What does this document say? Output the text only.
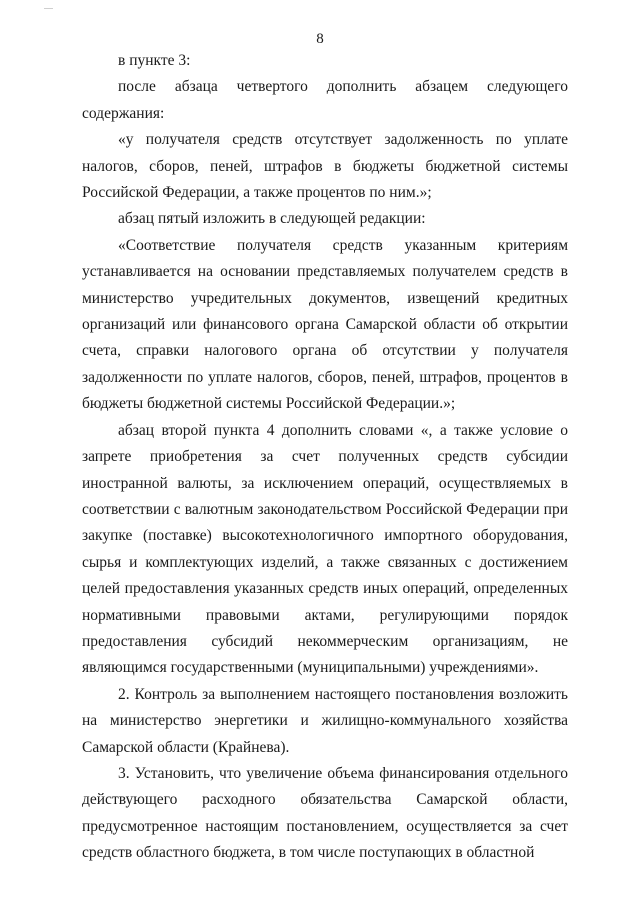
8

в пункте 3:

после абзаца четвертого дополнить абзацем следующего содержания:

«у получателя средств отсутствует задолженность по уплате налогов, сборов, пеней, штрафов в бюджеты бюджетной системы Российской Федерации, а также процентов по ним.»;

абзац пятый изложить в следующей редакции:

«Соответствие получателя средств указанным критериям устанавливается на основании представляемых получателем средств в министерство учредительных документов, извещений кредитных организаций или финансового органа Самарской области об открытии счета, справки налогового органа об отсутствии у получателя задолженности по уплате налогов, сборов, пеней, штрафов, процентов в бюджеты бюджетной системы Российской Федерации.»;

абзац второй пункта 4 дополнить словами «, а также условие о запрете приобретения за счет полученных средств субсидии иностранной валюты, за исключением операций, осуществляемых в соответствии с валютным законодательством Российской Федерации при закупке (поставке) высокотехнологичного импортного оборудования, сырья и комплектующих изделий, а также связанных с достижением целей предоставления указанных средств иных операций, определенных нормативными правовыми актами, регулирующими порядок предоставления субсидий некоммерческим организациям, не являющимся государственными (муниципальными) учреждениями».

2. Контроль за выполнением настоящего постановления возложить на министерство энергетики и жилищно-коммунального хозяйства Самарской области (Крайнева).

3. Установить, что увеличение объема финансирования отдельного действующего расходного обязательства Самарской области, предусмотренное настоящим постановлением, осуществляется за счет средств областного бюджета, в том числе поступающих в областной
